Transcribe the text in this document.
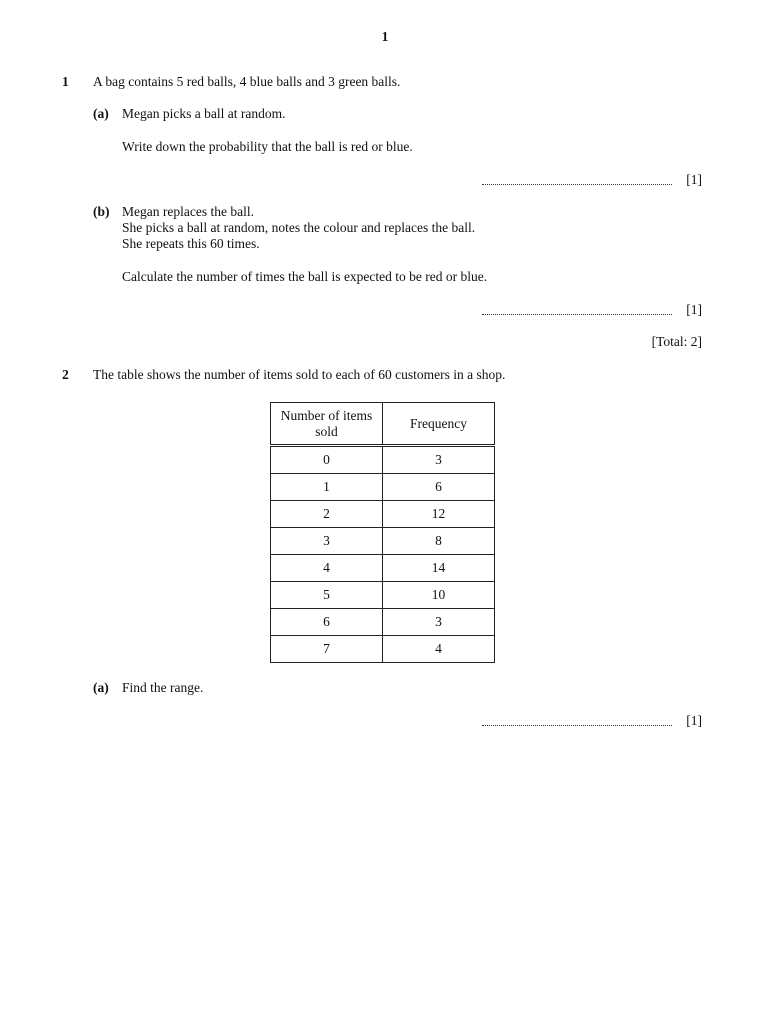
1
1 A bag contains 5 red balls, 4 blue balls and 3 green balls.
(a) Megan picks a ball at random.
Write down the probability that the ball is red or blue.
[1]
(b) Megan replaces the ball.
She picks a ball at random, notes the colour and replaces the ball.
She repeats this 60 times.
Calculate the number of times the ball is expected to be red or blue.
[1]
[Total: 2]
2 The table shows the number of items sold to each of 60 customers in a shop.
Number of items sold	Frequency
0	3
1	6
2	12
3	8
4	14
5	10
6	3
7	4
(a) Find the range.
[1]
